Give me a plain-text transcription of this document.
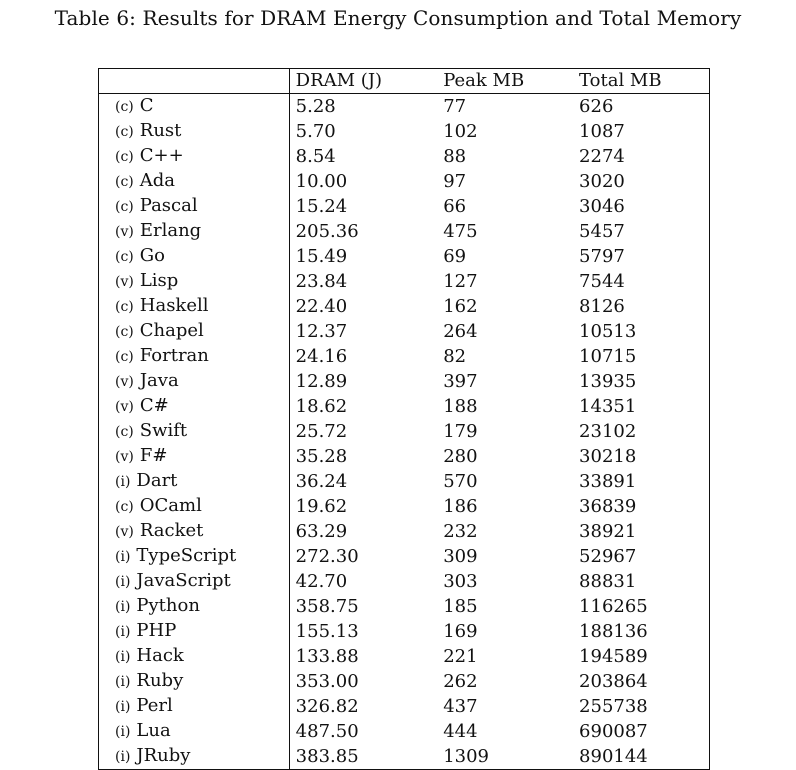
Table 6: Results for DRAM Energy Consumption and Total Memory
	DRAM (J)	Peak MB	Total MB
(c) C	5.28	77	626
(c) Rust	5.70	102	1087
(c) C++	8.54	88	2274
(c) Ada	10.00	97	3020
(c) Pascal	15.24	66	3046
(v) Erlang	205.36	475	5457
(c) Go	15.49	69	5797
(v) Lisp	23.84	127	7544
(c) Haskell	22.40	162	8126
(c) Chapel	12.37	264	10513
(c) Fortran	24.16	82	10715
(v) Java	12.89	397	13935
(v) C#	18.62	188	14351
(c) Swift	25.72	179	23102
(v) F#	35.28	280	30218
(i) Dart	36.24	570	33891
(c) OCaml	19.62	186	36839
(v) Racket	63.29	232	38921
(i) TypeScript	272.30	309	52967
(i) JavaScript	42.70	303	88831
(i) Python	358.75	185	116265
(i) PHP	155.13	169	188136
(i) Hack	133.88	221	194589
(i) Ruby	353.00	262	203864
(i) Perl	326.82	437	255738
(i) Lua	487.50	444	690087
(i) JRuby	383.85	1309	890144
